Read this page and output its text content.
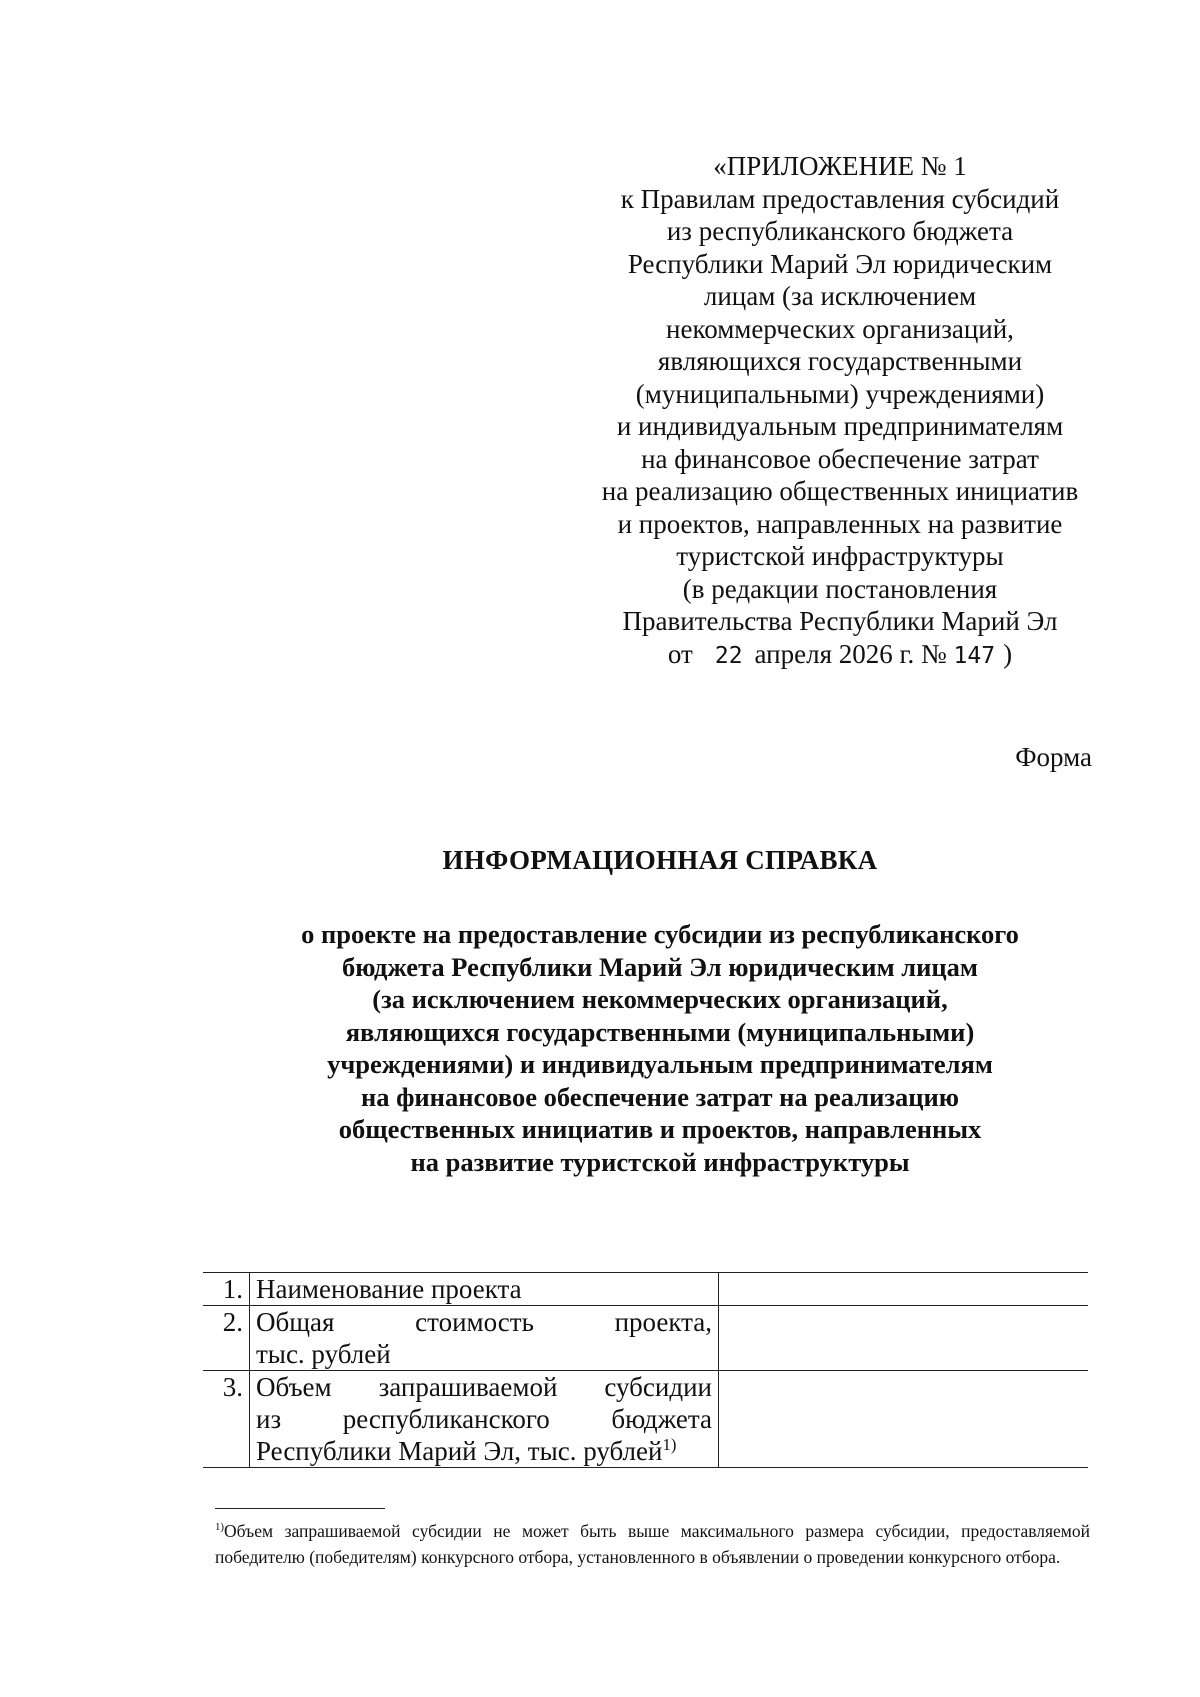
«ПРИЛОЖЕНИЕ № 1
к Правилам предоставления субсидий
из республиканского бюджета
Республики Марий Эл юридическим
лицам (за исключением
некоммерческих организаций,
являющихся государственными
(муниципальными) учреждениями)
и индивидуальным предпринимателям
на финансовое обеспечение затрат
на реализацию общественных инициатив
и проектов, направленных на развитие
туристской инфраструктуры
(в редакции постановления
Правительства Республики Марий Эл
от 22 апреля 2026 г. № 147 )
Форма
ИНФОРМАЦИОННАЯ СПРАВКА
о проекте на предоставление субсидии из республиканского
бюджета Республики Марий Эл юридическим лицам
(за исключением некоммерческих организаций,
являющихся государственными (муниципальными)
учреждениями) и индивидуальным предпринимателям
на финансовое обеспечение затрат на реализацию
общественных инициатив и проектов, направленных
на развитие туристской инфраструктуры
1.	Наименование проекта	
2.	Общая стоимость проекта,
тыс. рублей	

3.	Объем запрашиваемой субсидии
из республиканского бюджета
Республики Марий Эл, тыс. рублей$^{1)}$

$^{1)}$Объем запрашиваемой субсидии не может быть выше максимального размера субсидии, предоставляемой победителю (победителям) конкурсного отбора, установленного в объявлении о проведении конкурсного отбора.
